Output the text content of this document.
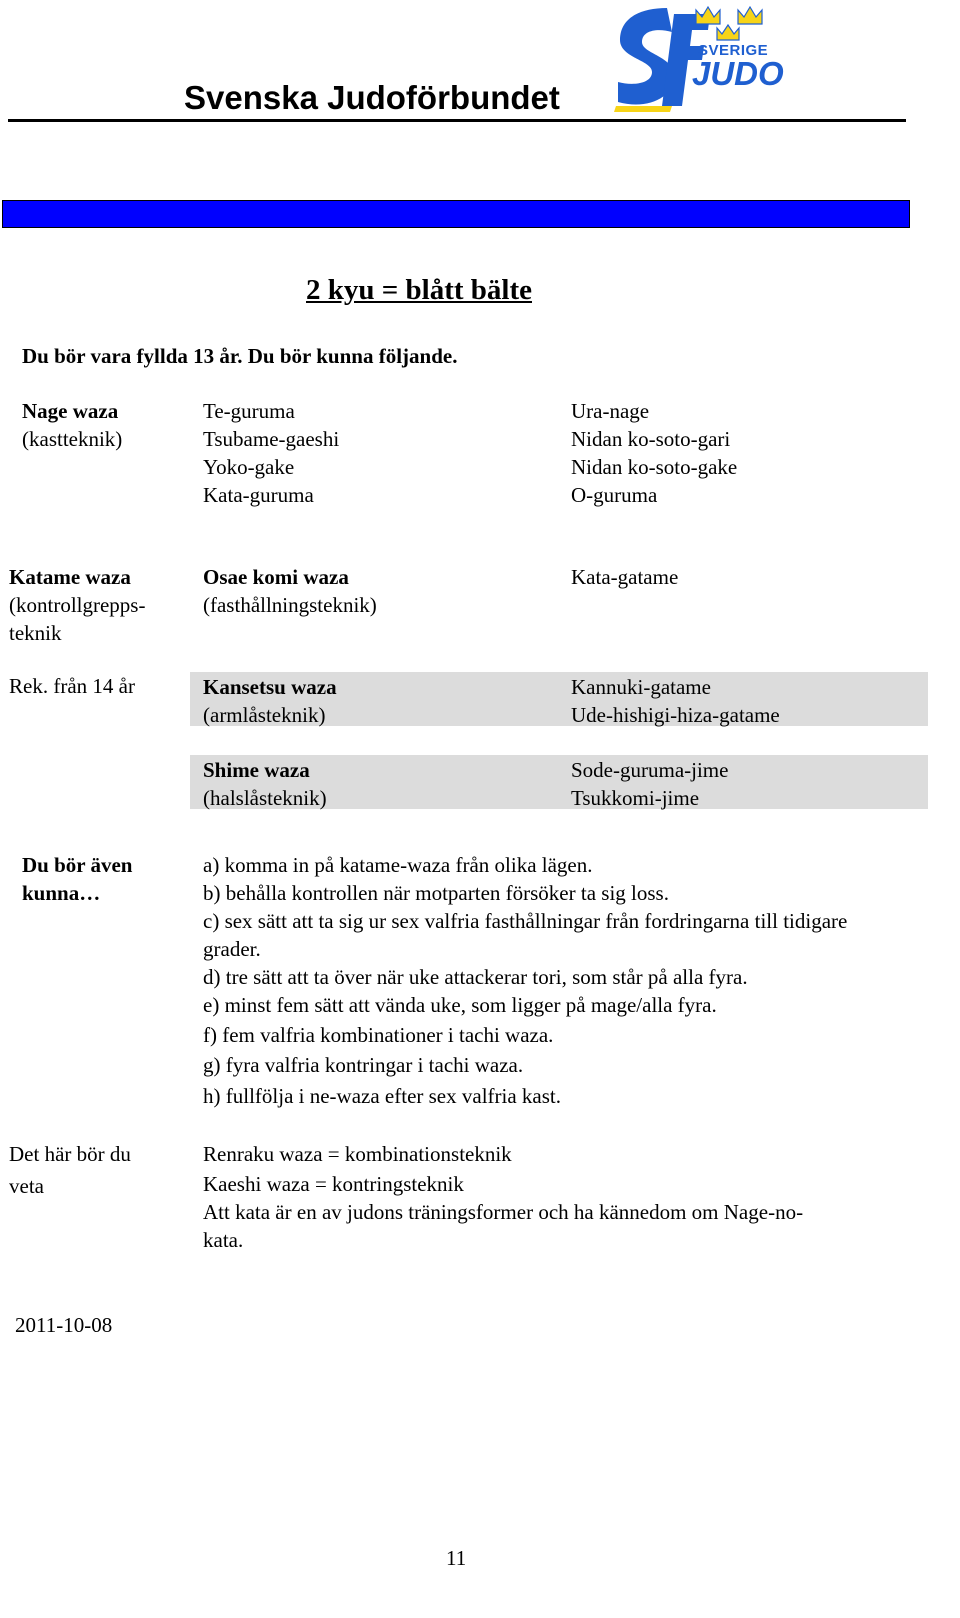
Svenska Judoförbundet
SVERIGE
JUDO
2 kyu = blått bälte
Du bör vara fyllda 13 år. Du bör kunna följande.
Nage waza
(kastteknik)
Te-guruma
Tsubame-gaeshi
Yoko-gake
Kata-guruma
Ura-nage
Nidan ko-soto-gari
Nidan ko-soto-gake
O-guruma
Katame waza
(kontrollgrepps-
teknik
Osae komi waza
(fasthållningsteknik)
Kata-gatame
Rek. från 14 år	Kansetsu waza
(armlåsteknik)
Kannuki-gatame
Ude-hishigi-hiza-gatame
Shime waza
(halslåsteknik)
Sode-guruma-jime
Tsukkomi-jime
Du bör även
kunna…
a) komma in på katame-waza från olika lägen.
b) behålla kontrollen när motparten försöker ta sig loss.
c) sex sätt att ta sig ur sex valfria fasthållningar från fordringarna till tidigare
grader.
d) tre sätt att ta över när uke attackerar tori, som står på alla fyra.
e) minst fem sätt att vända uke, som ligger på mage/alla fyra.
f) fem valfria kombinationer i tachi waza.
g) fyra valfria kontringar i tachi waza.
h) fullfölja i ne-waza efter sex valfria kast.
Det här bör du
veta
Renraku waza = kombinationsteknik
Kaeshi waza = kontringsteknik
Att kata är en av judons träningsformer och ha kännedom om Nage-no-
kata.
2011-10-08
11
